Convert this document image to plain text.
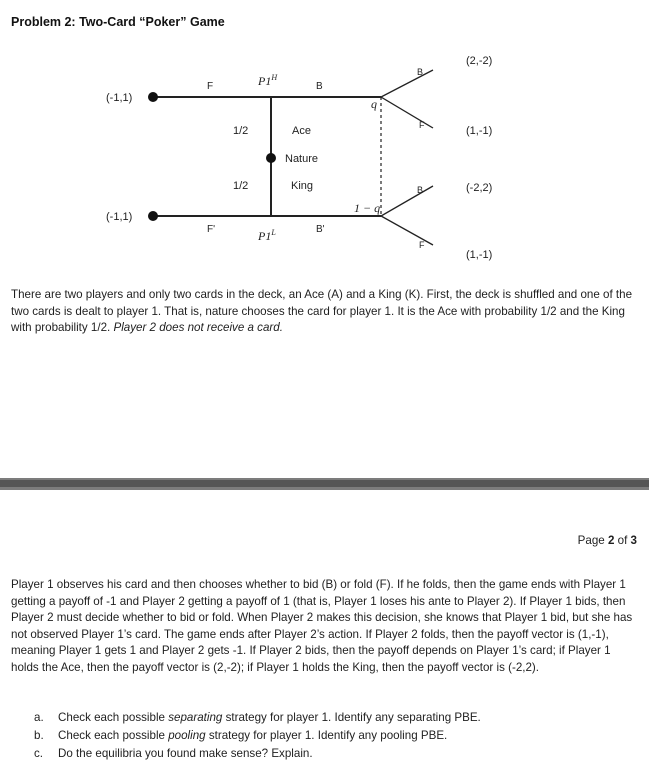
Problem 2: Two-Card “Poker” Game
(-1,1)
(-1,1)
F
F'
B
B'
$P1^H$
$P1^L$
1/2
1/2
Ace
Nature
King
q
1 − q
B
F
B
F
(2,-2)
(1,-1)
(-2,2)
(1,-1)
There are two players and only two cards in the deck, an Ace (A) and a King (K). First, the deck is shuffled and one of the two cards is dealt to player 1. That is, nature chooses the card for player 1. It is the Ace with probability 1/2 and the King with probability 1/2. Player 2 does not receive a card.
Page 2 of 3
Player 1 observes his card and then chooses whether to bid (B) or fold (F). If he folds, then the game ends with Player 1 getting a payoff of -1 and Player 2 getting a payoff of 1 (that is, Player 1 loses his ante to Player 2). If Player 1 bids, then Player 2 must decide whether to bid or fold. When Player 2 makes this decision, she knows that Player 1 bid, but she has not observed Player 1’s card. The game ends after Player 2’s action. If Player 2 folds, then the payoff vector is (1,-1), meaning Player 1 gets 1 and Player 2 gets -1. If Player 2 bids, then the payoff depends on Player 1’s card; if Player 1 holds the Ace, then the payoff vector is (2,-2); if Player 1 holds the King, then the payoff vector is (-2,2).
a. Check each possible separating strategy for player 1. Identify any separating PBE.
b. Check each possible pooling strategy for player 1. Identify any pooling PBE.
c. Do the equilibria you found make sense? Explain.
